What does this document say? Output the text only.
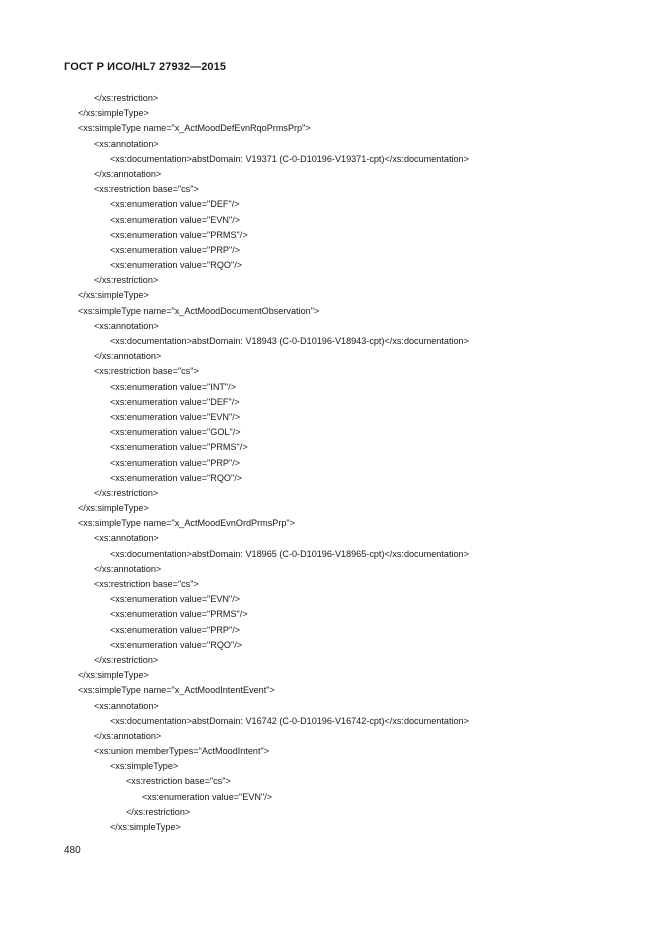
ГОСТ Р ИСО/HL7 27932—2015
</xs:restriction>
</xs:simpleType>
<xs:simpleType name="x_ActMoodDefEvnRqoPrmsPrp">
<xs:annotation>
<xs:documentation>abstDomain: V19371 (C-0-D10196-V19371-cpt)</xs:documentation>
</xs:annotation>
<xs:restriction base="cs">
<xs:enumeration value="DEF"/>
<xs:enumeration value="EVN"/>
<xs:enumeration value="PRMS"/>
<xs:enumeration value="PRP"/>
<xs:enumeration value="RQO"/>
</xs:restriction>
</xs:simpleType>
<xs:simpleType name="x_ActMoodDocumentObservation">
<xs:annotation>
<xs:documentation>abstDomain: V18943 (C-0-D10196-V18943-cpt)</xs:documentation>
</xs:annotation>
<xs:restriction base="cs">
<xs:enumeration value="INT"/>
<xs:enumeration value="DEF"/>
<xs:enumeration value="EVN"/>
<xs:enumeration value="GOL"/>
<xs:enumeration value="PRMS"/>
<xs:enumeration value="PRP"/>
<xs:enumeration value="RQO"/>
</xs:restriction>
</xs:simpleType>
<xs:simpleType name="x_ActMoodEvnOrdPrmsPrp">
<xs:annotation>
<xs:documentation>abstDomain: V18965 (C-0-D10196-V18965-cpt)</xs:documentation>
</xs:annotation>
<xs:restriction base="cs">
<xs:enumeration value="EVN"/>
<xs:enumeration value="PRMS"/>
<xs:enumeration value="PRP"/>
<xs:enumeration value="RQO"/>
</xs:restriction>
</xs:simpleType>
<xs:simpleType name="x_ActMoodIntentEvent">
<xs:annotation>
<xs:documentation>abstDomain: V16742 (C-0-D10196-V16742-cpt)</xs:documentation>
</xs:annotation>
<xs:union memberTypes="ActMoodIntent">
<xs:simpleType>
<xs:restriction base="cs">
<xs:enumeration value="EVN"/>
</xs:restriction>
</xs:simpleType>
480
